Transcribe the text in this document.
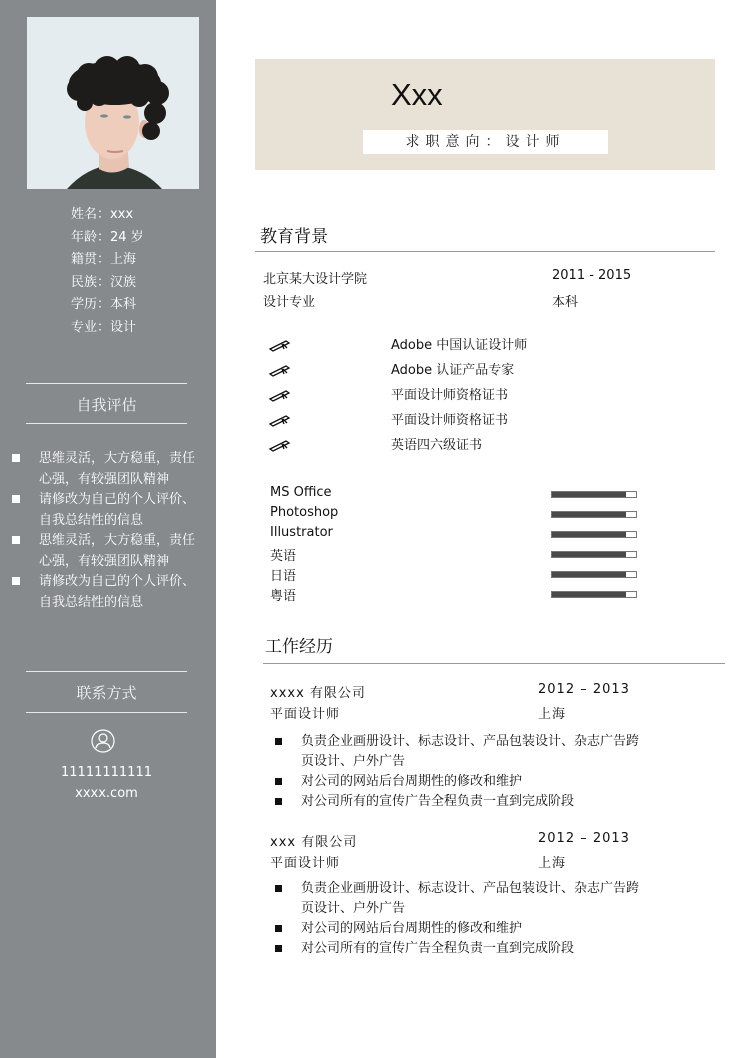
姓名：xxx
年龄：24 岁
籍贯：上海
民族：汉族
学历：本科
专业：设计
自我评估
思维灵活，大方稳重，责任心强，有较强团队精神
请修改为自己的个人评价、自我总结性的信息
思维灵活，大方稳重，责任心强，有较强团队精神
请修改为自己的个人评价、自我总结性的信息
联系方式
11111111111
xxxx.com
Xxx
求职意向：设计师
教育背景
北京某大设计学院	2011 - 2015
设计专业	本科
Adobe 中国认证设计师
Adobe 认证产品专家
平面设计师资格证书
平面设计师资格证书
英语四六级证书
MS Office
Photoshop
Illustrator
英语
日语
粤语
工作经历
xxxx 有限公司	2012 – 2013
平面设计师	上海
负责企业画册设计、标志设计、产品包装设计、杂志广告跨页设计、户外广告
对公司的网站后台周期性的修改和维护
对公司所有的宣传广告全程负责一直到完成阶段
xxx 有限公司	2012 – 2013
平面设计师	上海
负责企业画册设计、标志设计、产品包装设计、杂志广告跨页设计、户外广告
对公司的网站后台周期性的修改和维护
对公司所有的宣传广告全程负责一直到完成阶段
